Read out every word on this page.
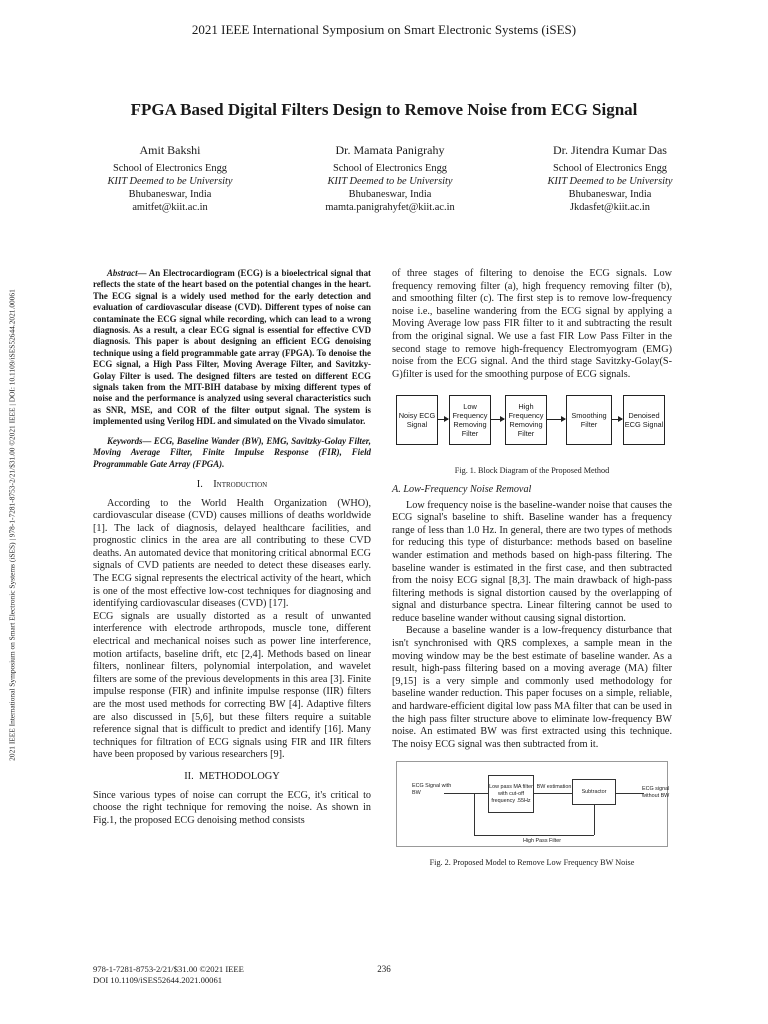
2021 IEEE International Symposium on Smart Electronic Systems (iSES)
2021 IEEE International Symposium on Smart Electronic Systems (iSES) | 978-1-7281-8753-2/21/$31.00 ©2021 IEEE | DOI: 10.1109/iSES52644.2021.00061
FPGA Based Digital Filters Design to Remove Noise from ECG Signal
Amit Bakshi
School of Electronics Engg
KIIT Deemed to be University
Bhubaneswar, India
amitfet@kiit.ac.in
Dr. Mamata Panigrahy
School of Electronics Engg
KIIT Deemed to be University
Bhubaneswar, India
mamta.panigrahyfet@kiit.ac.in
Dr. Jitendra Kumar Das
School of Electronics Engg
KIIT Deemed to be University
Bhubaneswar, India
Jkdasfet@kiit.ac.in

Abstract— An Electrocardiogram (ECG) is a bioelectrical signal that reflects the state of the heart based on the potential changes in the heart. The ECG signal is a widely used method for the early detection and evaluation of cardiovascular disease (CVD). Different types of noise can contaminate the ECG signal while recording, which can lead to a wrong diagnosis. As a result, a clear ECG signal is essential for effective CVD diagnosis. This paper is about designing an efficient ECG denoising technique using a field programmable gate array (FPGA). To denoise the ECG signal, a High Pass Filter, Moving Average Filter, and Savitzky-Golay Filter is used. The designed filters are tested on different ECG signals taken from the MIT-BIH database by mixing different types of noise and the performance is analyzed using several characteristics such as SNR, MSE, and COR of the filter output signal. The system is implemented using Verilog HDL and simulated on the Vivado simulator.

Keywords— ECG, Baseline Wander (BW), EMG, Savitzky-Golay Filter, Moving Average Filter, Finite Impulse Response (FIR), Field Programmable Gate Array (FPGA).

I. Introduction

According to the World Health Organization (WHO), cardiovascular disease (CVD) causes millions of deaths worldwide [1]. The lack of diagnosis, delayed healthcare facilities, and prognostic clinics in the area are all contributing to these CVD deaths. An automated device that monitoring critical abnormal ECG signals of CVD patients are needed to detect these diseases early. The ECG signal represents the electrical activity of the heart, which is one of the most effective low-cost techniques for diagnosing and identifying cardiovascular diseases (CVD) [17].

ECG signals are usually distorted as a result of unwanted interference with electrode arthropods, muscle tone, different electrical and mechanical noises such as power line interference, motion artifacts, baseline drift, etc [2,4]. Methods based on linear filters, nonlinear filters, polynomial interpolation, and wavelet filters are some of the previous developments in this area [3]. Finite impulse response (FIR) and infinite impulse response (IIR) filters are the most used methods for correcting BW [4]. Adaptive filters are also discussed in [5,6], but these filters require a suitable reference signal that is difficult to predict and identify [16]. Many techniques for filtration of ECG signals using FIR and IIR filters have been proposed by various researchers [9].

II. METHODOLOGY

Since various types of noise can corrupt the ECG, it's critical to choose the right technique for removing the noise. As shown in Fig.1, the proposed ECG denoising method consists

of three stages of filtering to denoise the ECG signals. Low frequency removing filter (a), high frequency removing filter (b), and smoothing filter (c). The first step is to remove low-frequency noise i.e., baseline wandering from the ECG signal by applying a Moving Average low pass FIR filter to it and subtracting the result from the original signal. We use a fast FIR Low Pass Filter in the second stage to remove high-frequency Electromyogram (EMG) noise from the ECG signal. And the third stage Savitzky-Golay(S-G)filter is used for the smoothing purpose of ECG signals.

Noisy ECG Signal
Low Frequency Removing Filter
High Frequency Removing Filter
Smoothing Filter
Denoised ECG Signal
Fig. 1. Block Diagram of the Proposed Method
A. Low-Frequency Noise Removal

Low frequency noise is the baseline-wander noise that causes the ECG signal's baseline to shift. Baseline wander has a frequency range of less than 1.0 Hz. In general, there are two types of methods for reducing this type of disturbance: methods based on baseline wander estimation and methods based on high-pass filtering. The baseline wander is estimated in the first case, and then subtracted from the noisy ECG signal [8,3]. The main drawback of high-pass filtering methods is signal distortion caused by the overlapping of signal and disturbance spectra. Linear filtering cannot be used to reduce baseline wander without causing signal distortion.

Because a baseline wander is a low-frequency disturbance that isn't synchronised with QRS complexes, a sample mean in the moving window may be the best estimate of baseline wander. As a result, high-pass filtering based on a moving average (MA) filter [9,15] is a very simple and commonly used methodology for baseline wander reduction. This paper focuses on a simple, reliable, and hardware-efficient digital low pass MA filter that can be used in the high pass filter structure above to eliminate low-frequency BW noise. An estimated BW was first extracted using this technique. The noisy ECG signal was then subtracted from it.

ECG Signal with BW
Low pass MA filter with cut-off frequency .55Hz
BW estimation
Subtractor	ECG signal without BW
High Pass Filter
Fig. 2. Proposed Model to Remove Low Frequency BW Noise
978-1-7281-8753-2/21/$31.00 ©2021 IEEE
DOI 10.1109/iSES52644.2021.00061
236
